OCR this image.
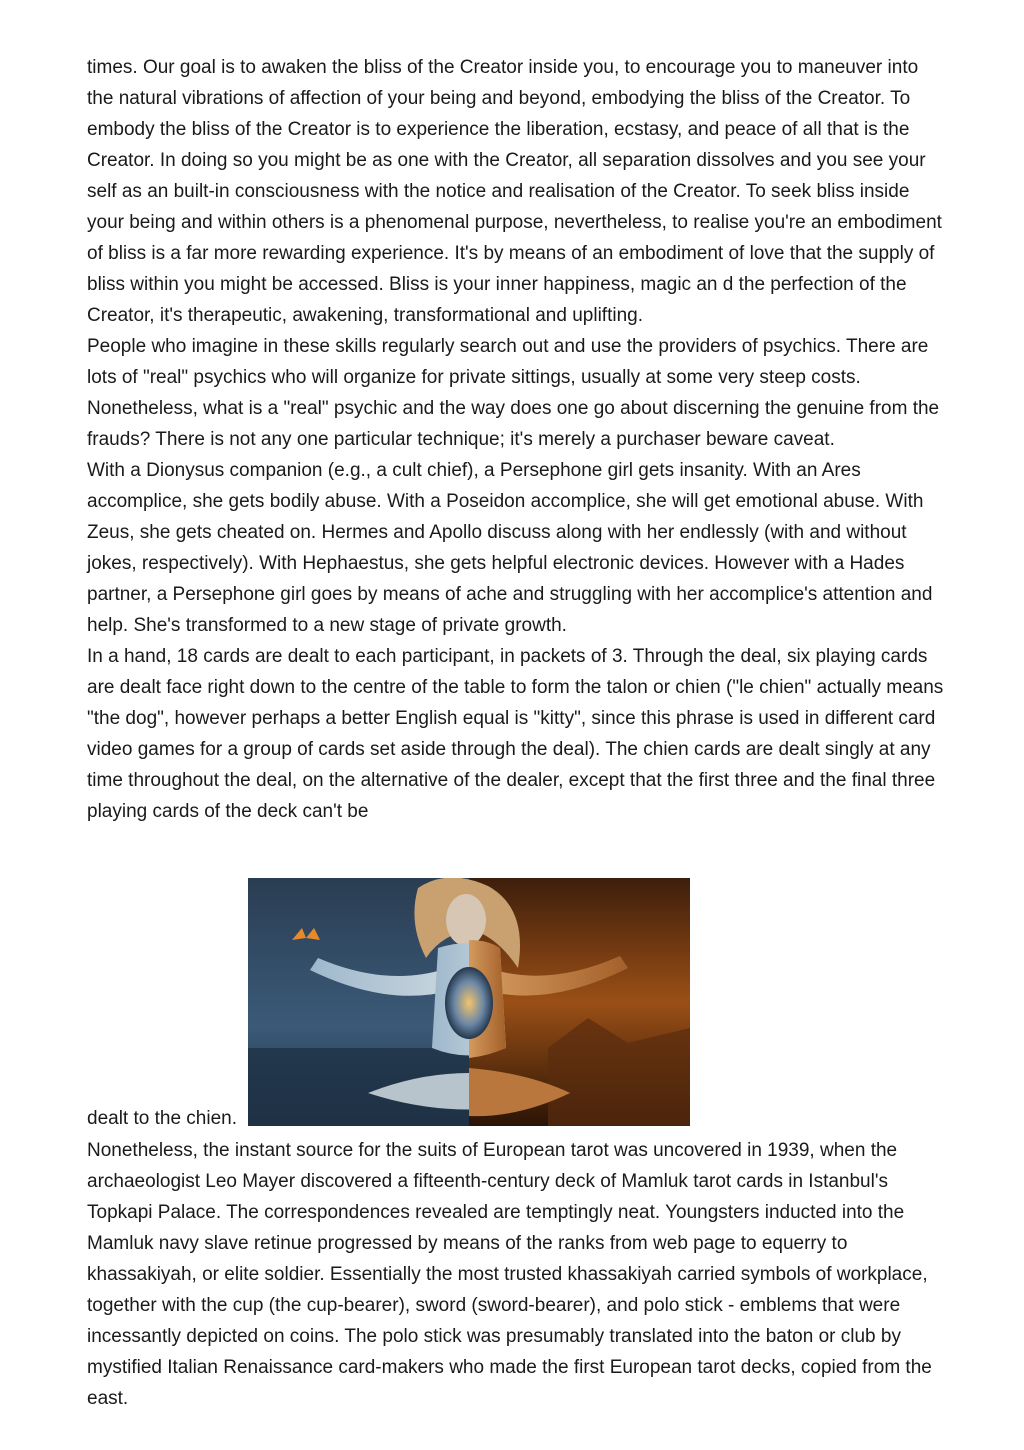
times. Our goal is to awaken the bliss of the Creator inside you, to encourage you to maneuver into the natural vibrations of affection of your being and beyond, embodying the bliss of the Creator. To embody the bliss of the Creator is to experience the liberation, ecstasy, and peace of all that is the Creator. In doing so you might be as one with the Creator, all separation dissolves and you see your self as an built-in consciousness with the notice and realisation of the Creator. To seek bliss inside your being and within others is a phenomenal purpose, nevertheless, to realise you're an embodiment of bliss is a far more rewarding experience. It's by means of an embodiment of love that the supply of bliss within you might be accessed. Bliss is your inner happiness, magic an d the perfection of the Creator, it's therapeutic, awakening, transformational and uplifting.

People who imagine in these skills regularly search out and use the providers of psychics. There are lots of "real" psychics who will organize for private sittings, usually at some very steep costs. Nonetheless, what is a "real" psychic and the way does one go about discerning the genuine from the frauds? There is not any one particular technique; it's merely a purchaser beware caveat.

With a Dionysus companion (e.g., a cult chief), a Persephone girl gets insanity. With an Ares accomplice, she gets bodily abuse. With a Poseidon accomplice, she will get emotional abuse. With Zeus, she gets cheated on. Hermes and Apollo discuss along with her endlessly (with and without jokes, respectively). With Hephaestus, she gets helpful electronic devices. However with a Hades partner, a Persephone girl goes by means of ache and struggling with her accomplice's attention and help. She's transformed to a new stage of private growth.

In a hand, 18 cards are dealt to each participant, in packets of 3. Through the deal, six playing cards are dealt face right down to the centre of the table to form the talon or chien ("le chien" actually means "the dog", however perhaps a better English equal is "kitty", since this phrase is used in different card video games for a group of cards set aside through the deal). The chien cards are dealt singly at any time throughout the deal, on the alternative of the dealer, except that the first three and the final three playing cards of the deck can't be

dealt to the chien.

Nonetheless, the instant source for the suits of European tarot was uncovered in 1939, when the archaeologist Leo Mayer discovered a fifteenth-century deck of Mamluk tarot cards in Istanbul's Topkapi Palace. The correspondences revealed are temptingly neat. Youngsters inducted into the Mamluk navy slave retinue progressed by means of the ranks from web page to equerry to khassakiyah, or elite soldier. Essentially the most trusted khassakiyah carried symbols of workplace, together with the cup (the cup-bearer), sword (sword-bearer), and polo stick - emblems that were incessantly depicted on coins. The polo stick was presumably translated into the baton or club by mystified Italian Renaissance card-makers who made the first European tarot decks, copied from the east.
